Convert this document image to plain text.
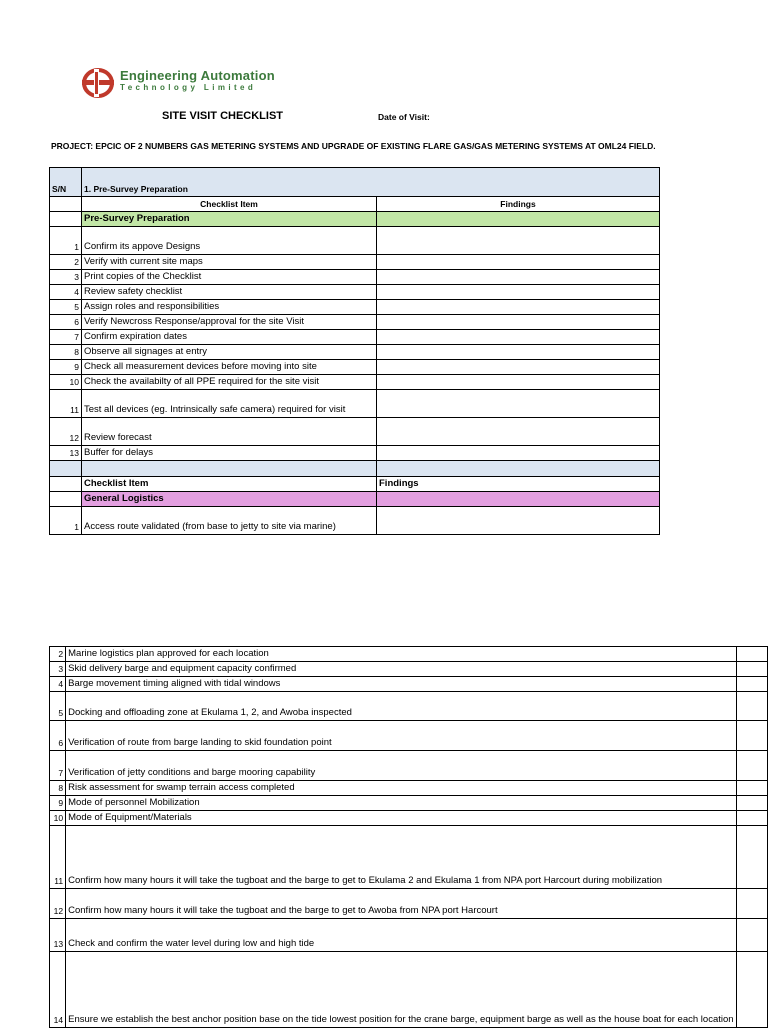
Engineering Automation
Technology Limited
SITE VISIT CHECKLIST	Date of Visit:
PROJECT: EPCIC OF 2 NUMBERS GAS METERING SYSTEMS AND UPGRADE OF EXISTING FLARE GAS/GAS METERING SYSTEMS AT OML24 FIELD.
S/N	1. Pre-Survey Preparation	
	Checklist Item	Findings
	Pre-Survey Preparation	
1	Confirm its appove Designs	
2	Verify with current site maps	
3	Print copies of the Checklist	
4	Review safety checklist	
5	Assign roles and responsibilities	
6	Verify Newcross Response/approval for the site Visit	
7	Confirm expiration dates	
8	Observe all signages at entry	
9	Check all measurement devices before moving into site	
10	Check the availabilty of all PPE required for the site visit	
11	Test all devices (eg. Intrinsically safe camera) required for visit	
12	Review forecast	
13	Buffer for delays	

	Checklist Item	Findings
	General Logistics	
1	Access route validated (from base to jetty to site via marine)	
2	Marine logistics plan approved for each location	
3	Skid delivery barge and equipment capacity confirmed	
4	Barge movement timing aligned with tidal windows	
5	Docking and offloading zone at Ekulama 1, 2, and Awoba inspected	
6	Verification of route from barge landing to skid foundation point	
7	Verification of jetty conditions and barge mooring capability	
8	Risk assessment for swamp terrain access completed	
9	Mode of personnel Mobilization	
10	Mode of Equipment/Materials	
11	Confirm how many hours it will take the tugboat and the barge to get to Ekulama 2 and Ekulama 1 from NPA port Harcourt during mobilization	
12	Confirm how many hours it will take the tugboat and the barge to get to Awoba from NPA port Harcourt	
13	Check and confirm the water level during low and high tide	
14	Ensure we establish the best anchor position base on the tide lowest position for the crane barge, equipment barge as well as the house boat for each location	
